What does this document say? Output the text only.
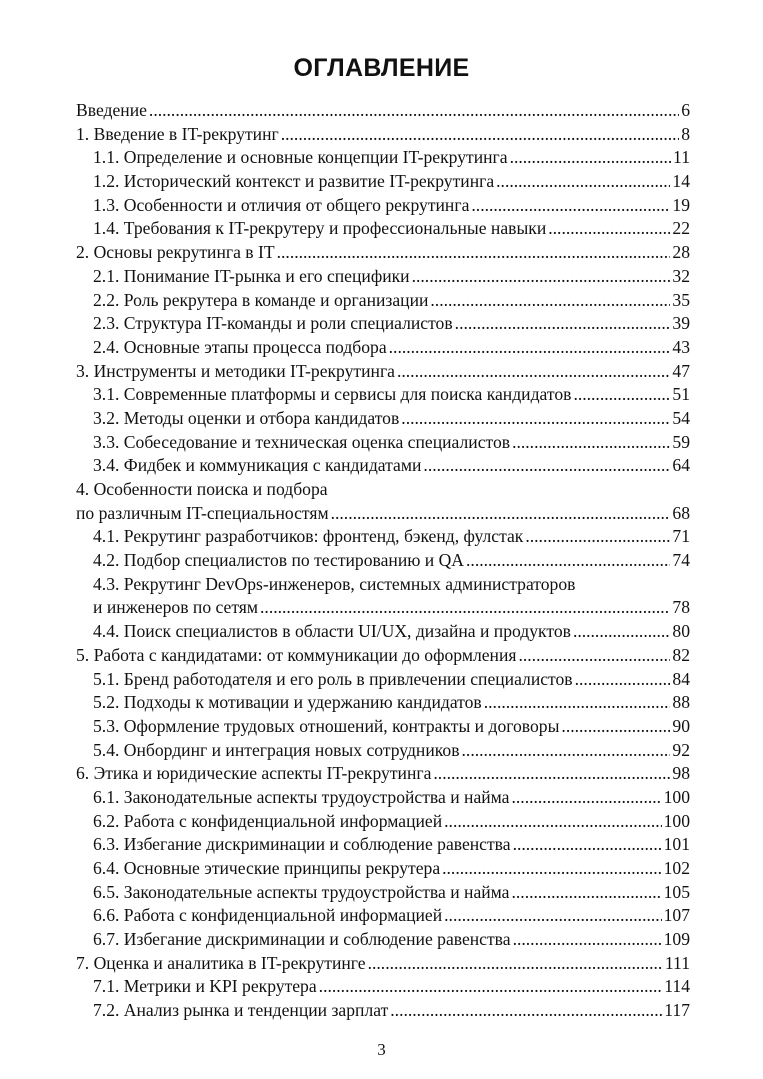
ОГЛАВЛЕНИЕ
Введение .....	6
1. Введение в IT-рекрутинг .....	8
1.1. Определение и основные концепции IT-рекрутинга .....	11
1.2. Исторический контекст и развитие IT-рекрутинга .....	14
1.3. Особенности и отличия от общего рекрутинга .....	19
1.4. Требования к IT-рекрутеру и профессиональные навыки .....	22
2. Основы рекрутинга в IT .....	28
2.1. Понимание IT-рынка и его специфики .....	32
2.2. Роль рекрутера в команде и организации .....	35
2.3. Структура IT-команды и роли специалистов .....	39
2.4. Основные этапы процесса подбора .....	43
3. Инструменты и методики IT-рекрутинга .....	47
3.1. Современные платформы и сервисы для поиска кандидатов .....	51
3.2. Методы оценки и отбора кандидатов .....	54
3.3. Собеседование и техническая оценка специалистов .....	59
3.4. Фидбек и коммуникация с кандидатами .....	64
4. Особенности поиска и подбора
по различным IT-специальностям .....	68
4.1. Рекрутинг разработчиков: фронтенд, бэкенд, фулстак .....	71
4.2. Подбор специалистов по тестированию и QA .....	74
4.3. Рекрутинг DevOps-инженеров, системных администраторов
и инженеров по сетям .....	78
4.4. Поиск специалистов в области UI/UX, дизайна и продуктов .....	80
5. Работа с кандидатами: от коммуникации до оформления .....	82
5.1. Бренд работодателя и его роль в привлечении специалистов .....	84
5.2. Подходы к мотивации и удержанию кандидатов .....	88
5.3. Оформление трудовых отношений, контракты и договоры .....	90
5.4. Онбординг и интеграция новых сотрудников .....	92
6. Этика и юридические аспекты IT-рекрутинга .....	98
6.1. Законодательные аспекты трудоустройства и найма .....	100
6.2. Работа с конфиденциальной информацией .....	100
6.3. Избегание дискриминации и соблюдение равенства .....	101
6.4. Основные этические принципы рекрутера .....	102
6.5. Законодательные аспекты трудоустройства и найма .....	105
6.6. Работа с конфиденциальной информацией .....	107
6.7. Избегание дискриминации и соблюдение равенства .....	109
7. Оценка и аналитика в IT-рекрутинге .....	111
7.1. Метрики и KPI рекрутера .....	114
7.2. Анализ рынка и тенденции зарплат .....	117
3
